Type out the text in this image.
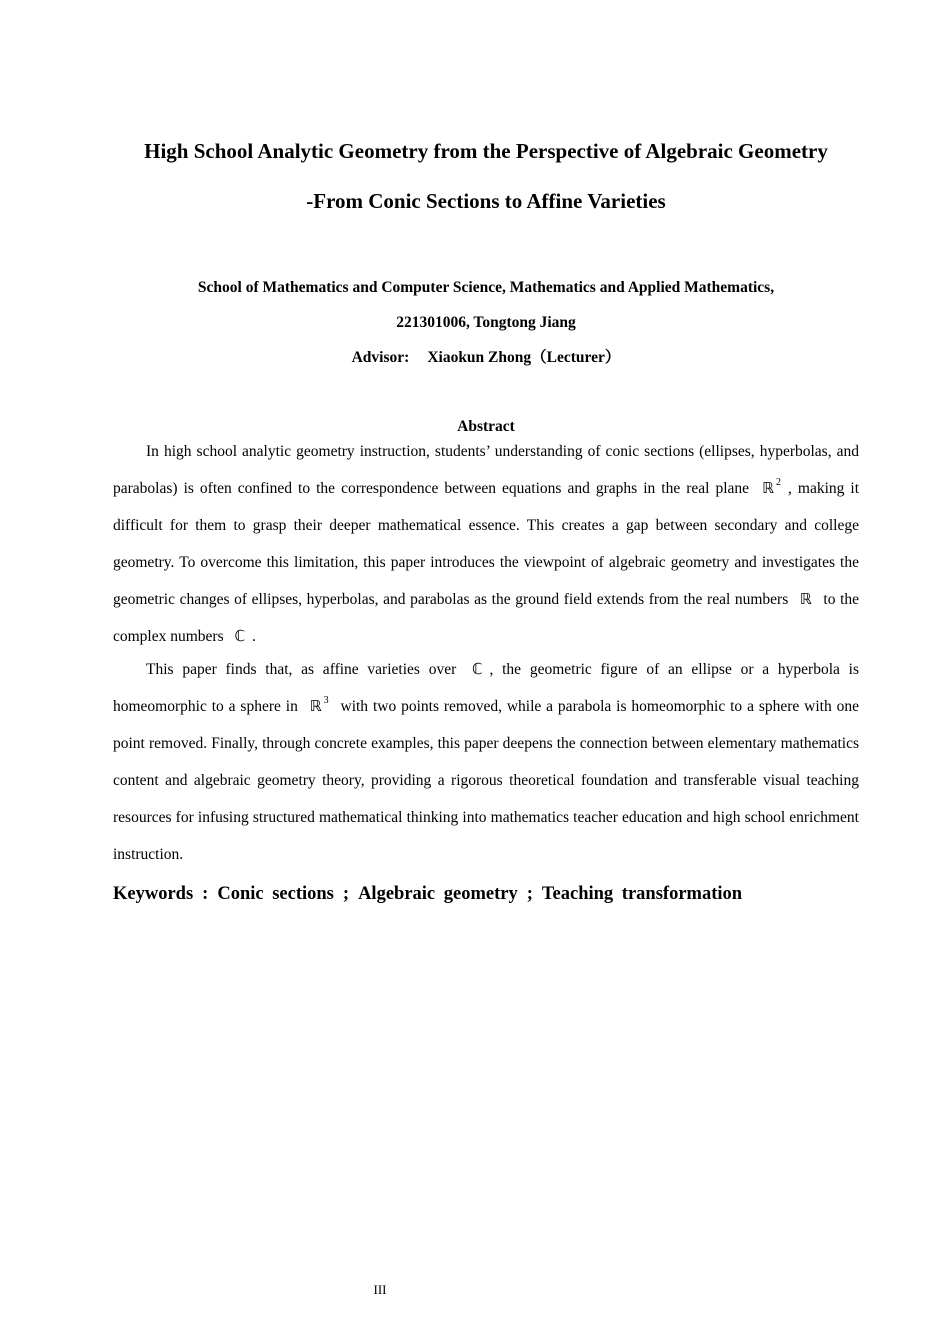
High School Analytic Geometry from the Perspective of Algebraic Geometry
-From Conic Sections to Affine Varieties
School of Mathematics and Computer Science, Mathematics and Applied Mathematics,
221301006, Tongtong Jiang
Advisor: Xiaokun Zhong（Lecturer）
Abstract
In high school analytic geometry instruction, students’ understanding of conic sections (ellipses, hyperbolas, and parabolas) is often confined to the correspondence between equations and graphs in the real plane ℝ $^2$ , making it difficult for them to grasp their deeper mathematical essence. This creates a gap between secondary and college geometry. To overcome this limitation, this paper introduces the viewpoint of algebraic geometry and investigates the geometric changes of ellipses, hyperbolas, and parabolas as the ground field extends from the real numbers ℝ to the complex numbers ℂ .
This paper finds that, as affine varieties over ℂ , the geometric figure of an ellipse or a hyperbola is homeomorphic to a sphere in ℝ $^3$ with two points removed, while a parabola is homeomorphic to a sphere with one point removed. Finally, through concrete examples, this paper deepens the connection between elementary mathematics content and algebraic geometry theory, providing a rigorous theoretical foundation and transferable visual teaching resources for infusing structured mathematical thinking into mathematics teacher education and high school enrichment instruction.
Keywords : Conic sections ; Algebraic geometry ; Teaching transformation
III
